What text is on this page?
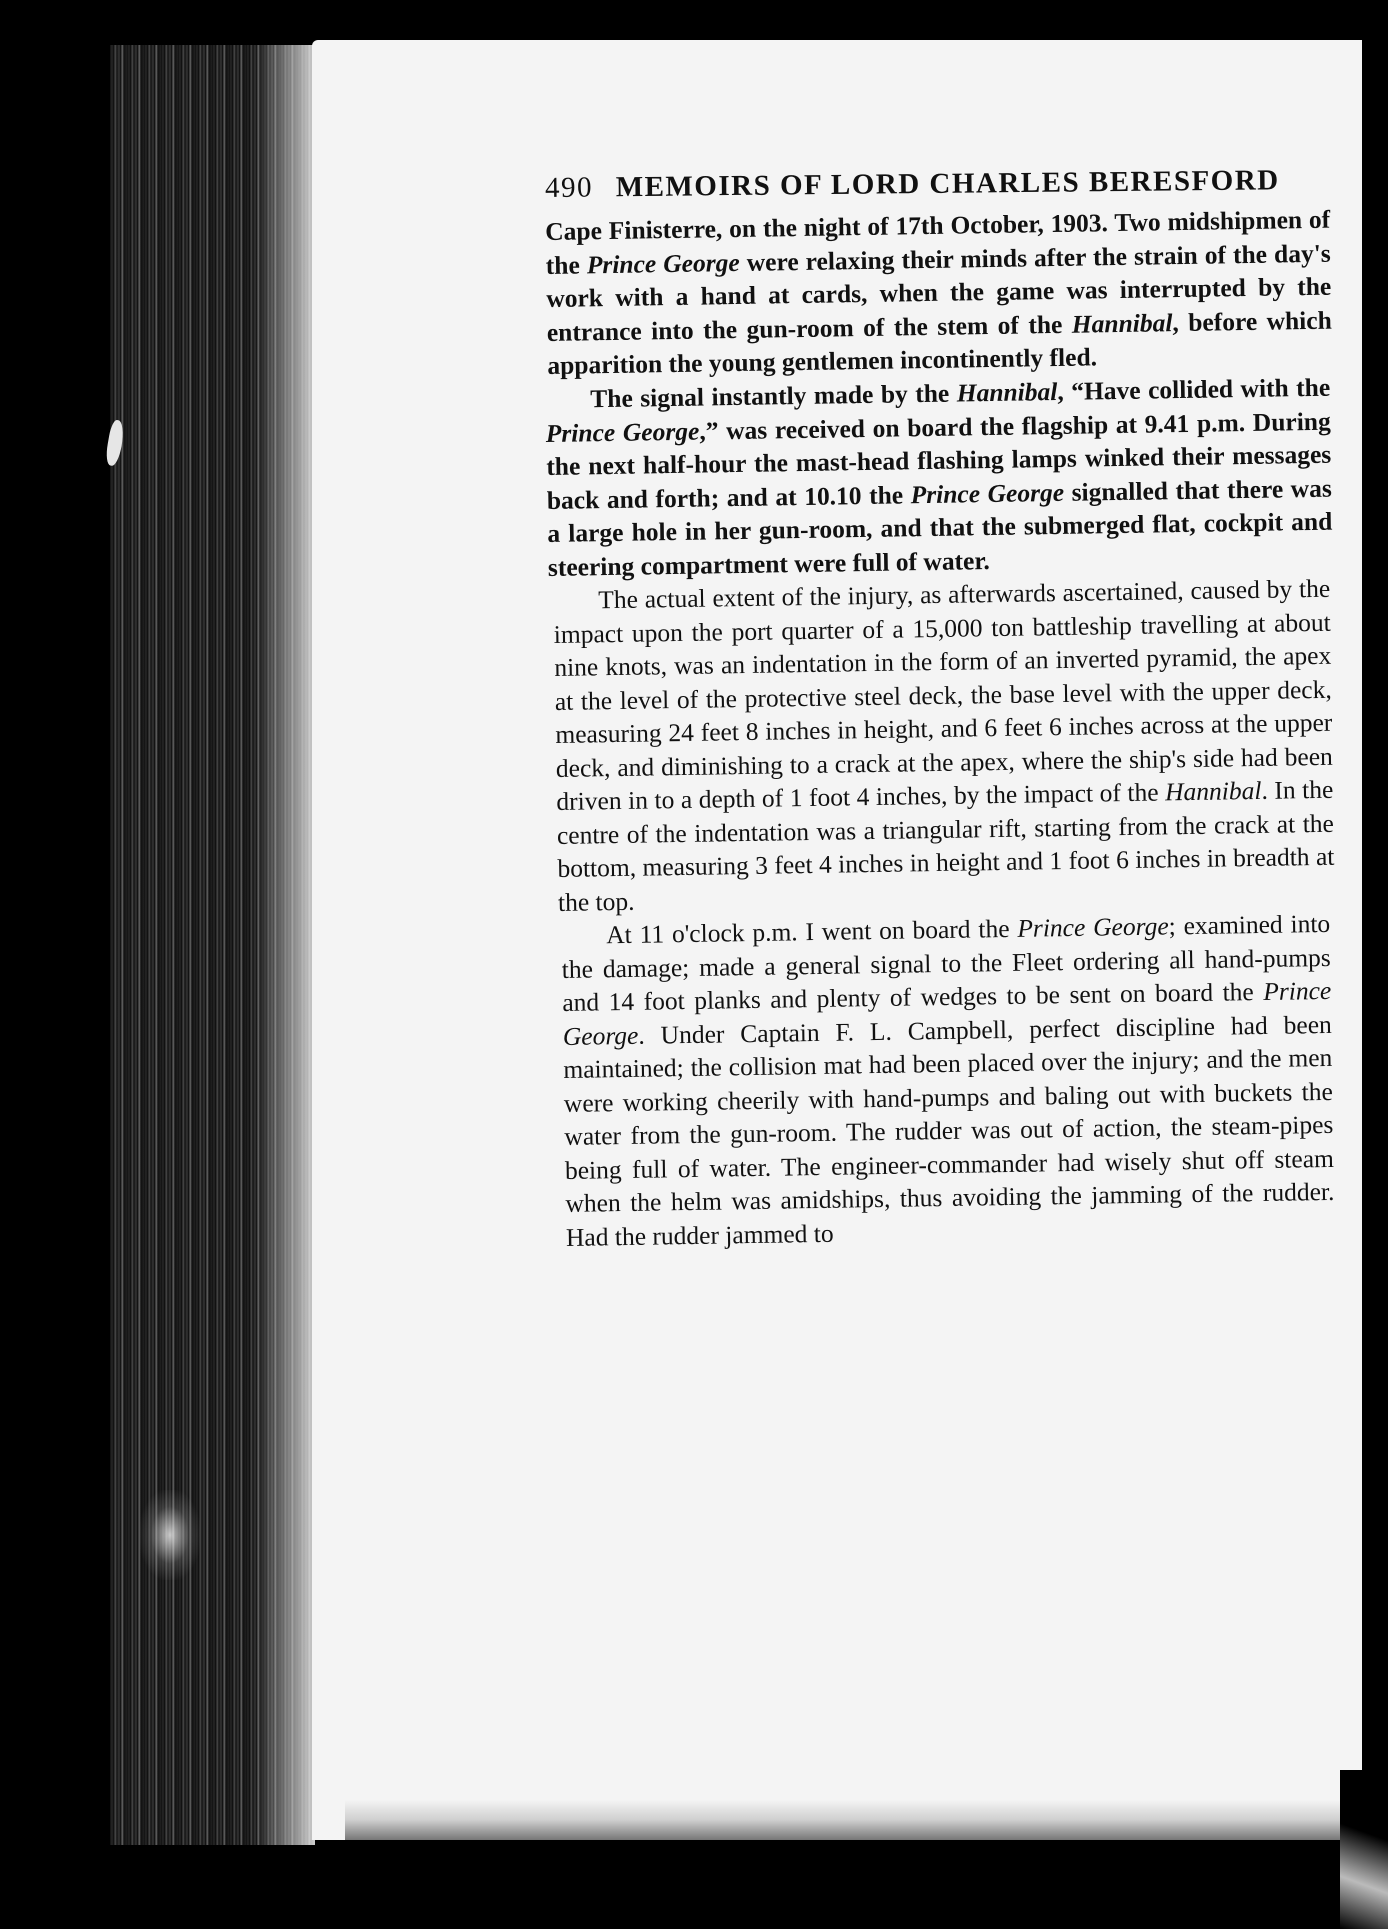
490 MEMOIRS OF LORD CHARLES BERESFORD

Cape Finisterre, on the night of 17th October, 1903. Two midshipmen of the Prince George were relaxing their minds after the strain of the day's work with a hand at cards, when the game was interrupted by the entrance into the gun-room of the stem of the Hannibal, before which apparition the young gentlemen incontinently fled.

The signal instantly made by the Hannibal, “Have collided with the Prince George,” was received on board the flagship at 9.41 p.m. During the next half-hour the mast-head flashing lamps winked their messages back and forth; and at 10.10 the Prince George signalled that there was a large hole in her gun-room, and that the submerged flat, cockpit and steering compartment were full of water.

The actual extent of the injury, as afterwards ascertained, caused by the impact upon the port quarter of a 15,000 ton battleship travelling at about nine knots, was an indentation in the form of an inverted pyramid, the apex at the level of the protective steel deck, the base level with the upper deck, measuring 24 feet 8 inches in height, and 6 feet 6 inches across at the upper deck, and diminishing to a crack at the apex, where the ship's side had been driven in to a depth of 1 foot 4 inches, by the impact of the Hannibal. In the centre of the indentation was a triangular rift, starting from the crack at the bottom, measuring 3 feet 4 inches in height and 1 foot 6 inches in breadth at the top.

At 11 o'clock p.m. I went on board the Prince George; examined into the damage; made a general signal to the Fleet ordering all hand-pumps and 14 foot planks and plenty of wedges to be sent on board the Prince George. Under Captain F. L. Campbell, perfect discipline had been maintained; the collision mat had been placed over the injury; and the men were working cheerily with hand-pumps and baling out with buckets the water from the gun-room. The rudder was out of action, the steam-pipes being full of water. The engineer-commander had wisely shut off steam when the helm was amidships, thus avoiding the jamming of the rudder. Had the rudder jammed to
